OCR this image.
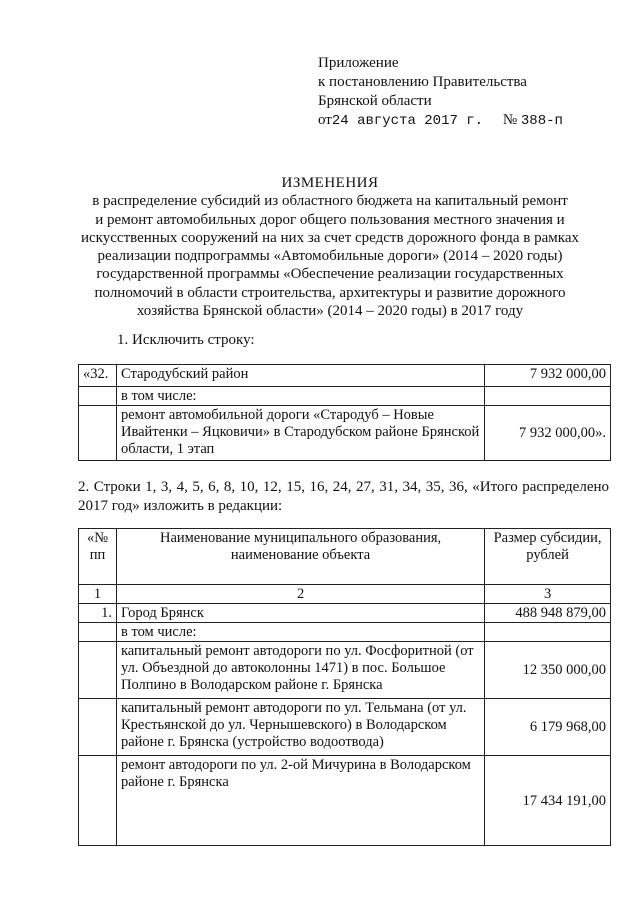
Приложение
к постановлению Правительства
Брянской области
от24 августа 2017 г. № 388-п
ИЗМЕНЕНИЯ
в распределение субсидий из областного бюджета на капитальный ремонт
и ремонт автомобильных дорог общего пользования местного значения и
искусственных сооружений на них за счет средств дорожного фонда в рамках
реализации подпрограммы «Автомобильные дороги» (2014 – 2020 годы)
государственной программы «Обеспечение реализации государственных
полномочий в области строительства, архитектуры и развитие дорожного
хозяйства Брянской области» (2014 – 2020 годы) в 2017 году
1. Исключить строку:
«32.	Стародубский район	7 932 000,00
	в том числе:	
	ремонт автомобильной дороги «Стародуб – Новые Ивайтенки – Яцковичи» в Стародубском районе Брянской области, 1 этап	7 932 000,00».
2. Строки 1, 3, 4, 5, 6, 8, 10, 12, 15, 16, 24, 27, 31, 34, 35, 36, «Итого распределено 2017 год» изложить в редакции:
«№ пп	Наименование муниципального образования, наименование объекта	Размер субсидии, рублей
1	2	3
1.	Город Брянск	488 948 879,00
	в том числе:	
	капитальный ремонт автодороги по ул. Фосфоритной (от ул. Объездной до автоколонны 1471) в пос. Большое Полпино в Володарском районе г. Брянска	12 350 000,00
	капитальный ремонт автодороги по ул. Тельмана (от ул. Крестьянской до ул. Чернышевского) в Володарском районе г. Брянска (устройство водоотвода)	6 179 968,00
	ремонт автодороги по ул. 2-ой Мичурина в Володарском районе г. Брянска	17 434 191,00
